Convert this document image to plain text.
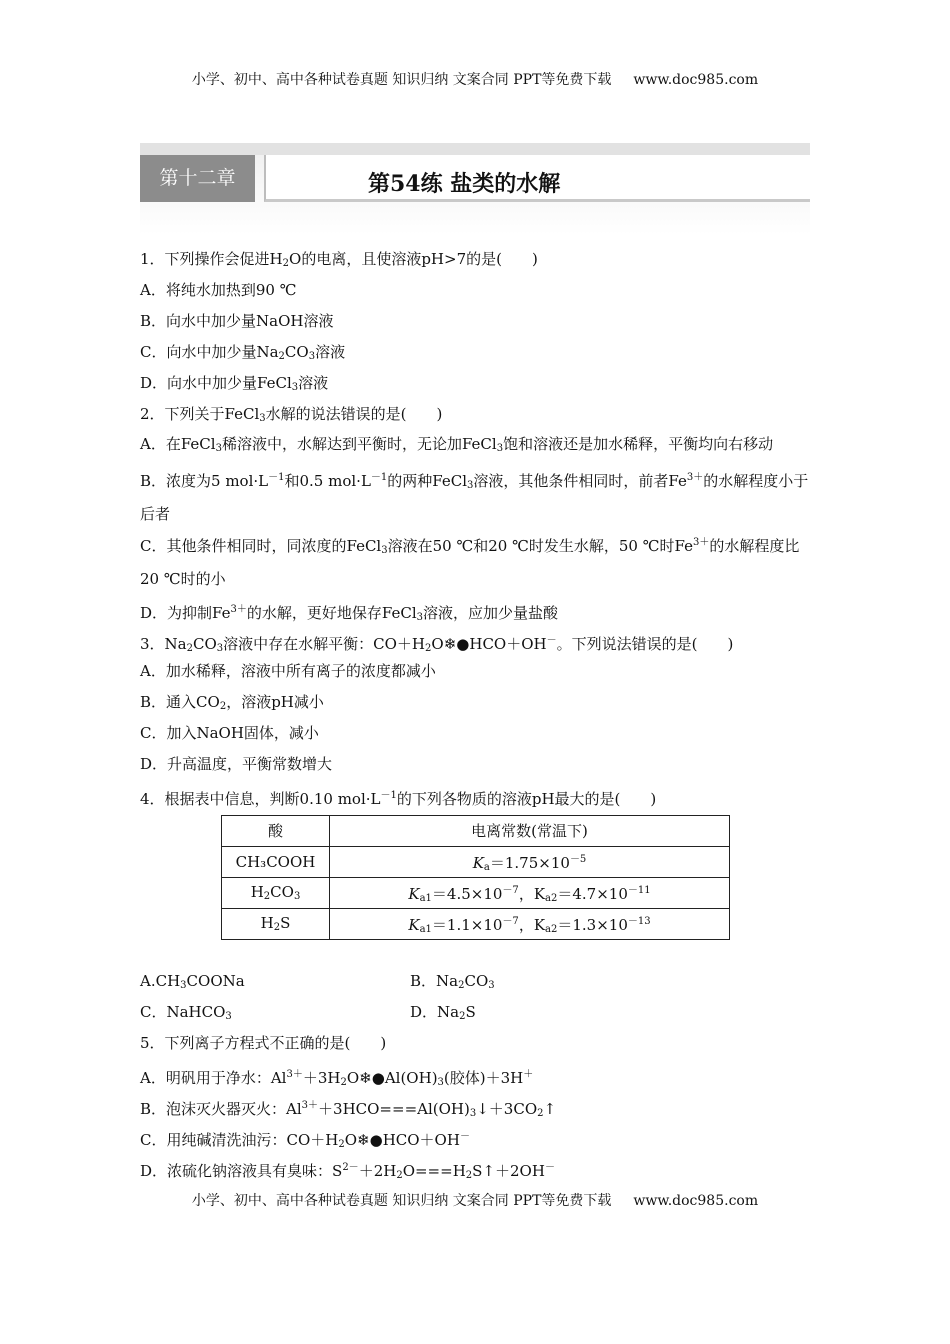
小学、初中、高中各种试卷真题 知识归纳 文案合同 PPT等免费下载 www.doc985.com
第十二章	第54练 盐类的水解
1．下列操作会促进$H_2O$的电离，且使溶液pH>7的是(　　)
A．将纯水加热到90 ℃
B．向水中加少量NaOH溶液
C．向水中加少量$Na_2CO_3$溶液
D．向水中加少量FeCl$_3$溶液
2．下列关于FeCl$_3$水解的说法错误的是(　　)
A．在FeCl$_3$稀溶液中，水解达到平衡时，无论加FeCl$_3$饱和溶液还是加水稀释，平衡均向右移动
B．浓度为5 $mol\cdot L^{-1}$和0.5 $mol\cdot L^{-1}$的两种FeCl$_3$溶液，其他条件相同时，前者$Fe^{3+}$的水解程度小于后者
C．其他条件相同时，同浓度的FeCl$_3$溶液在50 ℃和20 ℃时发生水解，50 ℃时$Fe^{3+}$的水解程度比20 ℃时的小
D．为抑制$Fe^{3+}$的水解，更好地保存FeCl$_3$溶液，应加少量盐酸
3．$Na_2CO_3$溶液中存在水解平衡：$CO+H_2O❄●HCO+OH^-$。下列说法错误的是(　　)
A．加水稀释，溶液中所有离子的浓度都减小
B．通入$CO_2$，溶液pH减小
C．加入NaOH固体，减小
D．升高温度，平衡常数增大
4．根据表中信息，判断0.10 $mol\cdot L^{-1}$的下列各物质的溶液pH最大的是(　　)
酸	电离常数(常温下)
CH₃COOH	$K_a=1.75\times 10^{-5}$
$H_2CO_3$	$K_{a1}=4.5\times 10^{-7}$，$K_{a2}=4.7\times 10^{-11}$
$H_2S$	$K_{a1}=1.1\times 10^{-7}$，$K_{a2}=1.3\times 10^{-13}$
$A.CH_3COONa$	B．$Na_2CO_3$
C．NaHCO$_3$	D．$Na_2S$
5．下列离子方程式不正确的是(　　)
A．明矾用于净水：$Al^{3+}+3H_2O❄●Al(OH)_3$(胶体)＋3H＋
B．泡沫灭火器灭火：$Al^{3+}+3HCO===Al(OH)_3↓+3CO_2↑$
C．用纯碱清洗油污：$CO+H_2O❄●HCO+OH^-$
D．浓硫化钠溶液具有臭味：$S^{2-}+2H_2O===H_2S↑+2OH^-$
小学、初中、高中各种试卷真题 知识归纳 文案合同 PPT等免费下载 www.doc985.com
